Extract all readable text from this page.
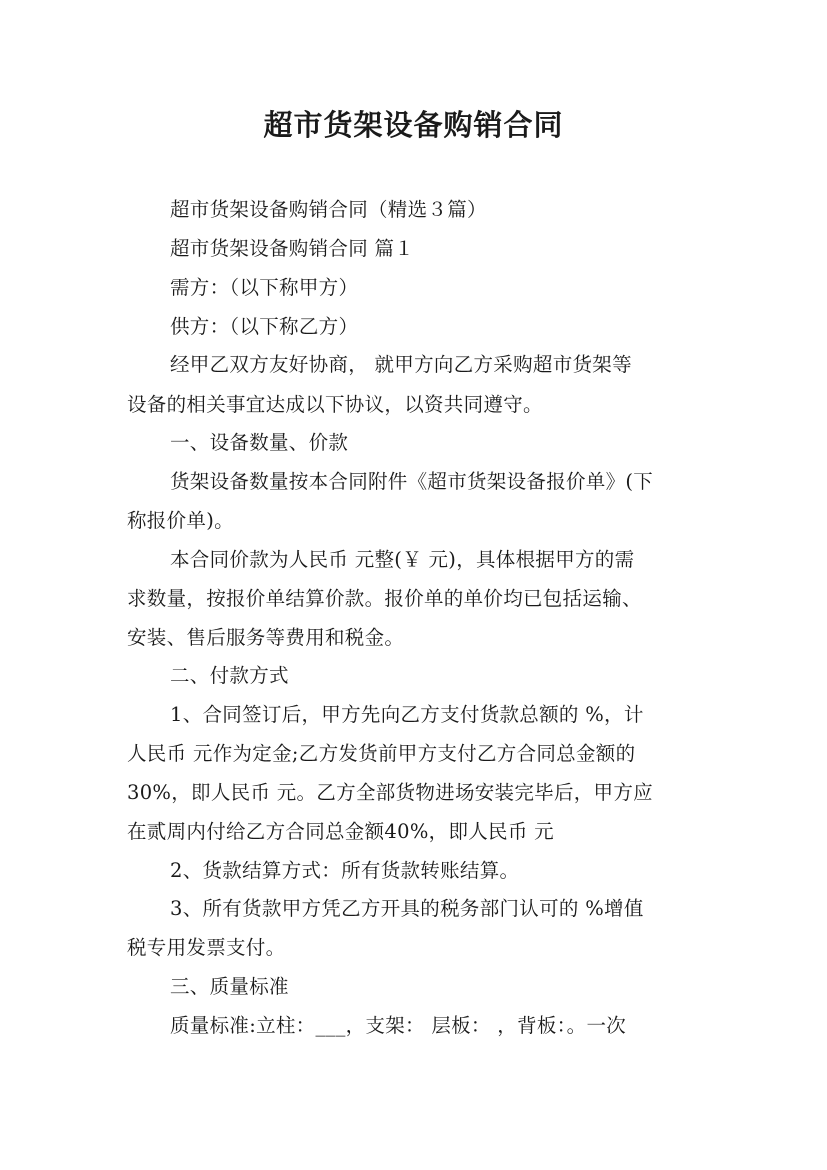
超市货架设备购销合同
超市货架设备购销合同（精选３篇）
超市货架设备购销合同 篇１
需方：（以下称甲方）
供方：（以下称乙方）
经甲乙双方友好协商， 就甲方向乙方采购超市货架等
设备的相关事宜达成以下协议，以资共同遵守。
一、设备数量、价款
货架设备数量按本合同附件《超市货架设备报价单》(下
称报价单)。
本合同价款为人民币 元整(￥ 元)，具体根据甲方的需
求数量，按报价单结算价款。报价单的单价均已包括运输、
安装、售后服务等费用和税金。
二、付款方式
1、合同签订后，甲方先向乙方支付货款总额的 %，计
人民币 元作为定金;乙方发货前甲方支付乙方合同总金额的
30%，即人民币 元。乙方全部货物进场安装完毕后，甲方应
在贰周内付给乙方合同总金额40%，即人民币 元
2、货款结算方式：所有货款转账结算。
3、所有货款甲方凭乙方开具的税务部门认可的 %增值
税专用发票支付。
三、质量标准
质量标准:立柱：___，支架： 层板： ，背板：。一次
